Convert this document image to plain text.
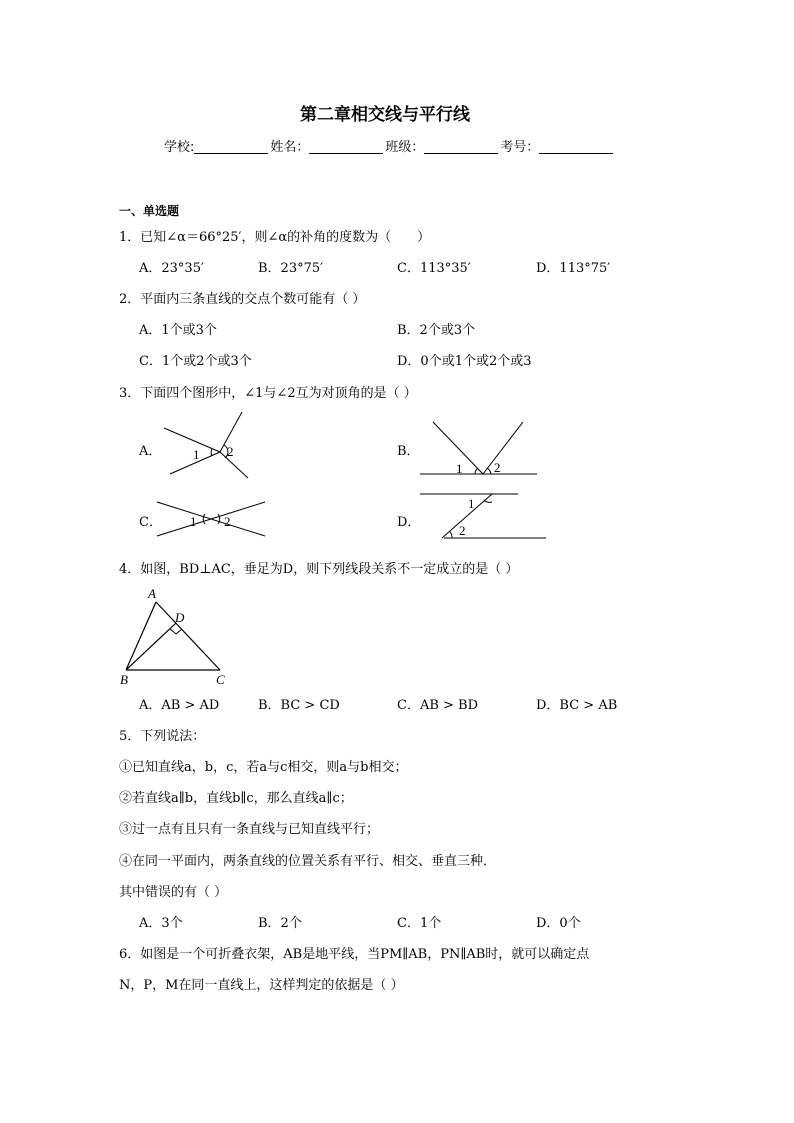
第二章相交线与平行线
学校:	姓名：	班级：	考号：
一、单选题
1．已知∠α＝66°25′，则∠α的补角的度数为（　　）
A．23°35′	B．23°75′	C．113°35′	D．113°75′
2．平面内三条直线的交点个数可能有（ ）
A．1个或3个	B．2个或3个
C．1个或2个或3个	D．0个或1个或2个或3
3．下面四个图形中，∠1与∠2互为对顶角的是（ ）
A． 1 2	B．
1 2
C． 1 2	D．
1
2
4．如图，BD⊥AC，垂足为D，则下列线段关系不一定成立的是（ ）
A
D
B	C
A．AB > AD	B．BC > CD	C．AB > BD	D．BC > AB
5．下列说法：
①已知直线a，b，c，若a与c相交，则a与b相交；
②若直线a∥b，直线b∥c，那么直线a∥c；
③过一点有且只有一条直线与已知直线平行；
④在同一平面内，两条直线的位置关系有平行、相交、垂直三种．
其中错误的有（ ）
A．3个	B．2个	C．1个	D．0个
6．如图是一个可折叠衣架，AB是地平线，当PM∥AB，PN∥AB时，就可以确定点
N，P，M在同一直线上，这样判定的依据是（ ）
